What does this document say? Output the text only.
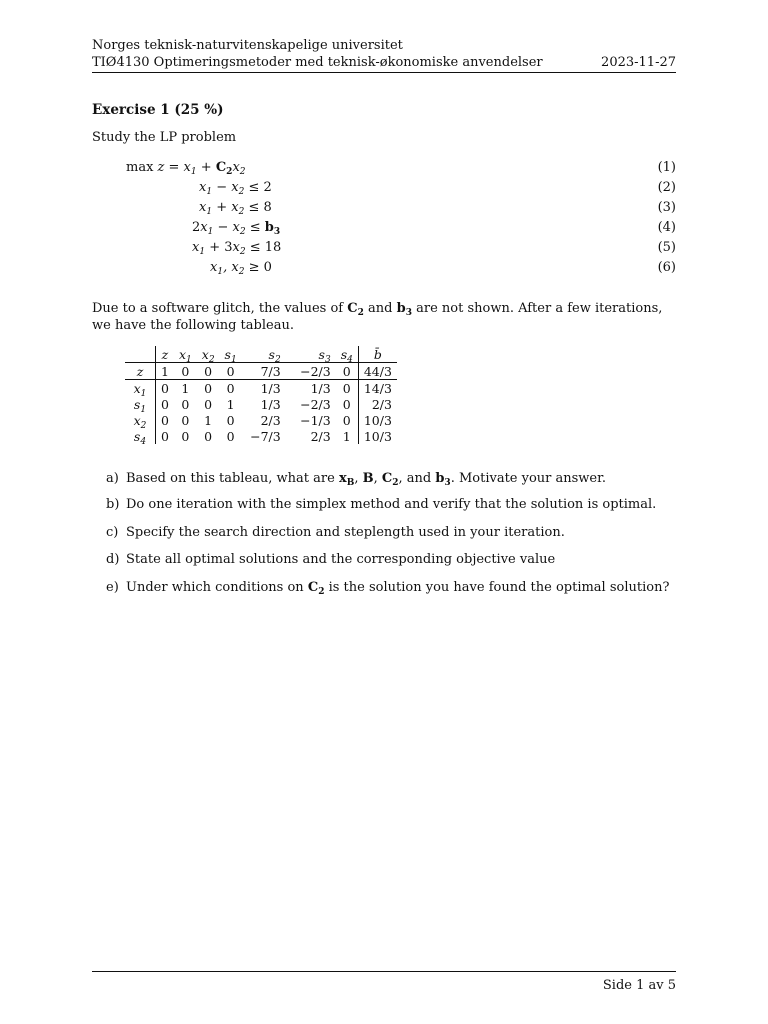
Norges teknisk-naturvitenskapelige universitet
TIØ4130 Optimeringsmetoder med teknisk-økonomiske anvendelser	2023-11-27
Exercise 1 (25 %)
Study the LP problem
$\max z = x_1 + C_2x_2$	(1)
$x_1 - x_2 \le 2$	(2)
$x_1 + x_2 \le 8$	(3)
$2x_1 - x_2 \le b_3$	(4)
$x_1 + 3x_2 \le 18$	(5)
$x_1$, $x_2 \ge 0$	(6)
Due to a software glitch, the values of $C_2$ and $b_3$ are not shown. After a few iterations, we have the following tableau.
	z	$x_1$	$x_2$	$s_1$	$s_2$	$s_3$	$s_4$	b̄
z	1	0	0	0	7/3	−2/3	0	44/3
$x_1$	0	1	0	0	1/3	1/3	0	14/3
$s_1$	0	0	0	1	1/3	−2/3	0	2/3
$x_2$	0	0	1	0	2/3	−1/3	0	10/3
$s_4$	0	0	0	0	−7/3	2/3	1	10/3
a) Based on this tableau, what are $x_B$, B, $C_2$, and $b_3$. Motivate your answer.
b) Do one iteration with the simplex method and verify that the solution is optimal.
c) Specify the search direction and steplength used in your iteration.
d) State all optimal solutions and the corresponding objective value
e) Under which conditions on $C_2$ is the solution you have found the optimal solution?
Side 1 av 5
